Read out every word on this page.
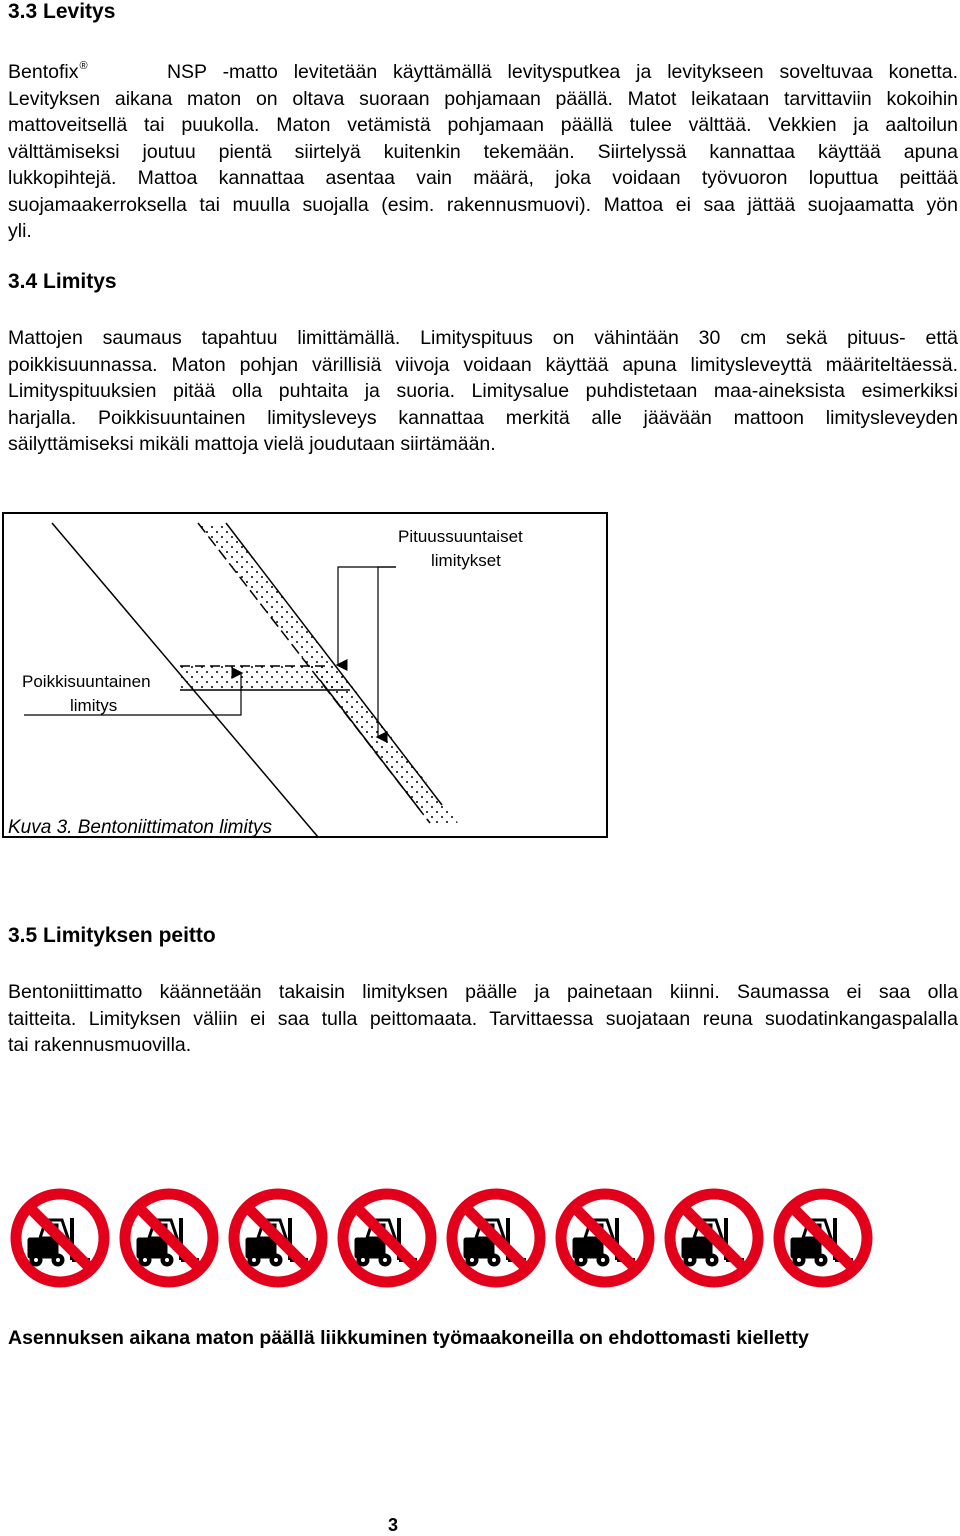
3.3 Levitys
Bentofix®	NSP -matto levitetään käyttämällä levitysputkea ja levitykseen soveltuvaa konetta.
Levityksen aikana maton on oltava suoraan pohjamaan päällä. Matot leikataan tarvittaviin kokoihin
mattoveitsellä tai puukolla. Maton vetämistä pohjamaan päällä tulee välttää. Vekkien ja aaltoilun
välttämiseksi joutuu pientä siirtelyä kuitenkin tekemään. Siirtelyssä kannattaa käyttää apuna
lukkopihtejä. Mattoa kannattaa asentaa vain määrä, joka voidaan työvuoron loputtua peittää
suojamaakerroksella tai muulla suojalla (esim. rakennusmuovi). Mattoa ei saa jättää suojaamatta yön
yli.
3.4 Limitys
Mattojen saumaus tapahtuu limittämällä. Limityspituus on vähintään 30 cm sekä pituus- että
poikkisuunnassa. Maton pohjan värillisiä viivoja voidaan käyttää apuna limitysleveyttä määriteltäessä.
Limityspituuksien pitää olla puhtaita ja suoria. Limitysalue puhdistetaan maa-aineksista esimerkiksi
harjalla. Poikkisuuntainen limitysleveys kannattaa merkitä alle jäävään mattoon limitysleveyden
säilyttämiseksi mikäli mattoja vielä joudutaan siirtämään.
Pituussuuntaiset
limitykset
Poikkisuuntainen
limitys
Kuva 3. Bentoniittimaton limitys
3.5 Limityksen peitto
Bentoniittimatto käännetään takaisin limityksen päälle ja painetaan kiinni. Saumassa ei saa olla
taitteita. Limityksen väliin ei saa tulla peittomaata. Tarvittaessa suojataan reuna suodatinkangaspalalla
tai rakennusmuovilla.

Asennuksen aikana maton päällä liikkuminen työmaakoneilla on ehdottomasti kielletty

3
